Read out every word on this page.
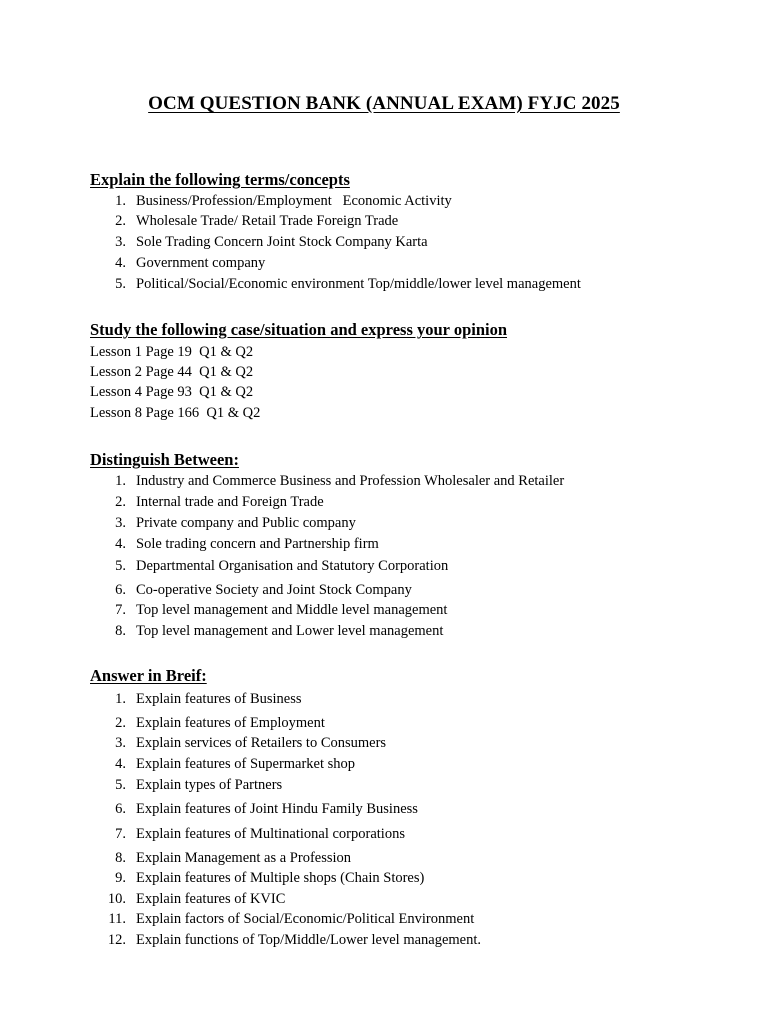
OCM QUESTION BANK (ANNUAL EXAM) FYJC 2025
Explain the following terms/concepts
1. Business/Profession/Employment   Economic Activity
2. Wholesale Trade/ Retail Trade Foreign Trade
3. Sole Trading Concern Joint Stock Company Karta
4. Government company
5. Political/Social/Economic environment Top/middle/lower level management
Study the following case/situation and express your opinion
Lesson 1 Page 19  Q1 & Q2
Lesson 2 Page 44  Q1 & Q2
Lesson 4 Page 93  Q1 & Q2
Lesson 8 Page 166  Q1 & Q2
Distinguish Between:
1. Industry and Commerce Business and Profession Wholesaler and Retailer
2. Internal trade and Foreign Trade
3. Private company and Public company
4. Sole trading concern and Partnership firm
5. Departmental Organisation and Statutory Corporation
6. Co-operative Society and Joint Stock Company
7. Top level management and Middle level management
8. Top level management and Lower level management
Answer in Breif:
1. Explain features of Business
2. Explain features of Employment
3. Explain services of Retailers to Consumers
4. Explain features of Supermarket shop
5. Explain types of Partners
6. Explain features of Joint Hindu Family Business
7. Explain features of Multinational corporations
8. Explain Management as a Profession
9. Explain features of Multiple shops (Chain Stores)
10. Explain features of KVIC
11. Explain factors of Social/Economic/Political Environment
12. Explain functions of Top/Middle/Lower level management.
